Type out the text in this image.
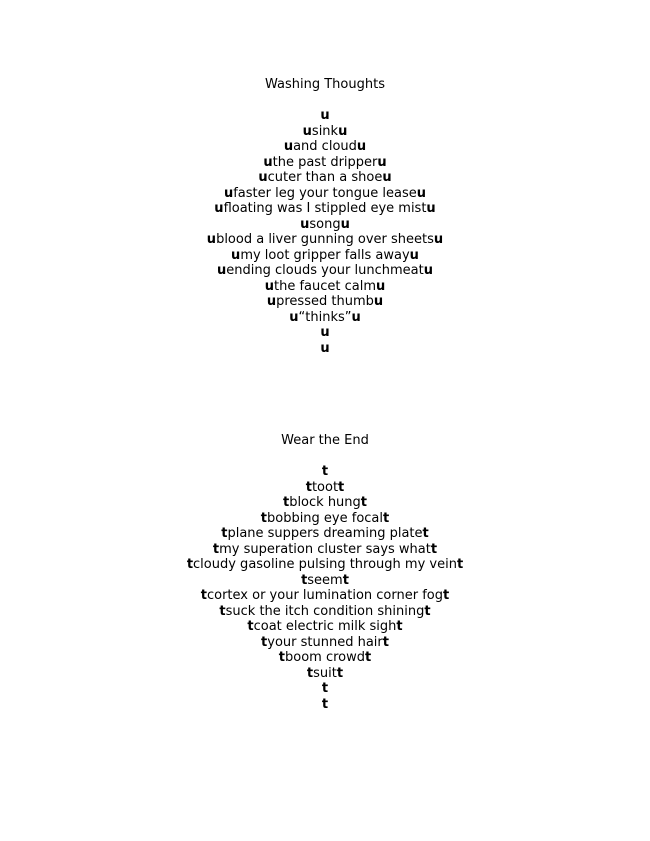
Washing Thoughts
u
usinku
uand cloudu
uthe past dripperu
ucuter than a shoeu
ufaster leg your tongue leaseu
ufloating was I stippled eye mistu
usongu
ublood a liver gunning over sheetsu
umy loot gripper falls awayu
uending clouds your lunchmeatu
uthe faucet calmu
upressed thumbu
u“thinks”u
u
u
Wear the End
t
ttoott
tblock hungt
tbobbing eye focalt
tplane suppers dreaming platet
tmy superation cluster says whatt
tcloudy gasoline pulsing through my veint
tseemt
tcortex or your lumination corner fogt
tsuck the itch condition shiningt
tcoat electric milk sight
tyour stunned hairt
tboom crowdt
tsuitt
t
t
